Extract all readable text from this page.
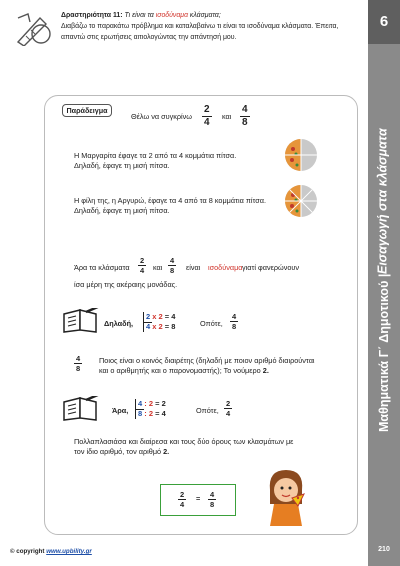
6
Μαθηματικά Γ΄ Δημοτικού |
Εισαγωγή στα κλάσματα
Δραστηριότητα 11: Τι είναι τα ισοδύναμα κλάσματα;
Διαβάζω το παρακάτω πρόβλημα και καταλαβαίνω τι είναι τα ισοδύναμα κλάσματα. Έπειτα, απαντώ στις ερωτήσεις αιτιολογώντας την απάντησή μου.
Παράδειγμα
Θέλω να συγκρίνω $\frac{2}{4}$ και $\frac{4}{8}$
Η Μαργαρίτα έφαγε τα 2 από τα 4 κομμάτια πίτσα.
Δηλαδή, έφαγε τη μισή πίτσα.
Η φίλη της, η Αργυρώ, έφαγε τα 4 από τα 8 κομμάτια πίτσα.
Δηλαδή, έφαγε τη μισή πίτσα.
Άρα τα κλάσματα $\frac{2}{4}$ και $\frac{4}{8}$ είναι ισοδύναμα γιατί φανερώνουν
ίσα μέρη της ακέραιης μονάδας.
Δηλαδή,
2 x 2 = 4
4 x 2 = 8	Οπότε, $\frac{4}{8}$
$\frac{4}{8}$ Ποιος είναι ο κοινός διαιρέτης (δηλαδή με ποιον αριθμό διαιρούνται
και ο αριθμητής και ο παρονομαστής); Το νούμερο 2.
Άρα,
4 : 2 = 2
8 : 2 = 4	Οπότε, $\frac{2}{4}$
Πολλαπλασιάσα και διαίρεσα και τους δύο όρους των κλασμάτων με
τον ίδιο αριθμό, τον αριθμό 2.
$\frac{2}{4} = \frac{4}{8}$
© copyright www.upbility.gr	210
